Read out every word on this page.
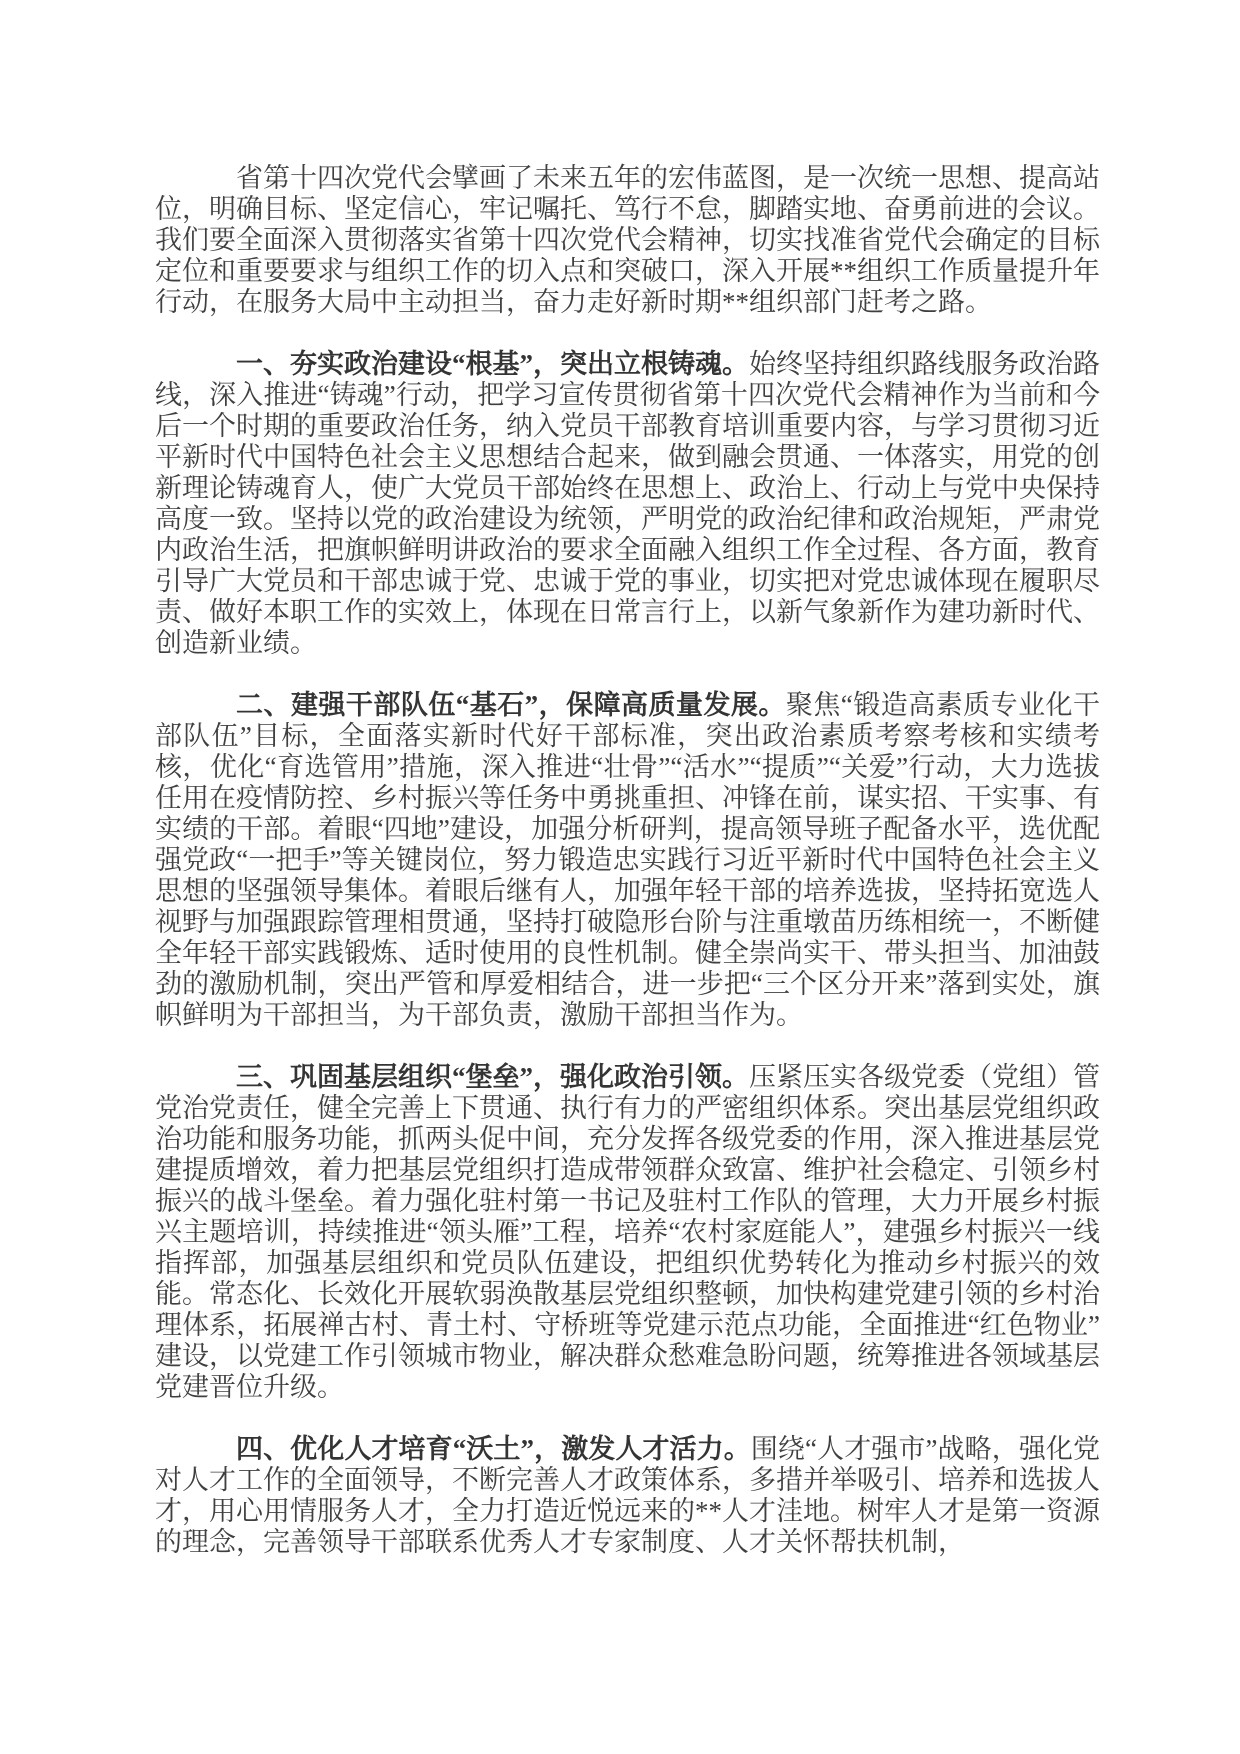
省第十四次党代会擘画了未来五年的宏伟蓝图，是一次统一思想、提高站位，明确目标、坚定信心，牢记嘱托、笃行不怠，脚踏实地、奋勇前进的会议。我们要全面深入贯彻落实省第十四次党代会精神，切实找准省党代会确定的目标定位和重要要求与组织工作的切入点和突破口，深入开展**组织工作质量提升年行动，在服务大局中主动担当，奋力走好新时期**组织部门赶考之路。

一、夯实政治建设“根基”，突出立根铸魂。始终坚持组织路线服务政治路线，深入推进“铸魂”行动，把学习宣传贯彻省第十四次党代会精神作为当前和今后一个时期的重要政治任务，纳入党员干部教育培训重要内容，与学习贯彻习近平新时代中国特色社会主义思想结合起来，做到融会贯通、一体落实，用党的创新理论铸魂育人，使广大党员干部始终在思想上、政治上、行动上与党中央保持高度一致。坚持以党的政治建设为统领，严明党的政治纪律和政治规矩，严肃党内政治生活，把旗帜鲜明讲政治的要求全面融入组织工作全过程、各方面，教育引导广大党员和干部忠诚于党、忠诚于党的事业，切实把对党忠诚体现在履职尽责、做好本职工作的实效上，体现在日常言行上，以新气象新作为建功新时代、创造新业绩。

二、建强干部队伍“基石”，保障高质量发展。聚焦“锻造高素质专业化干部队伍”目标，全面落实新时代好干部标准，突出政治素质考察考核和实绩考核，优化“育选管用”措施，深入推进“壮骨”“活水”“提质”“关爱”行动，大力选拔任用在疫情防控、乡村振兴等任务中勇挑重担、冲锋在前，谋实招、干实事、有实绩的干部。着眼“四地”建设，加强分析研判，提高领导班子配备水平，选优配强党政“一把手”等关键岗位，努力锻造忠实践行习近平新时代中国特色社会主义思想的坚强领导集体。着眼后继有人，加强年轻干部的培养选拔，坚持拓宽选人视野与加强跟踪管理相贯通，坚持打破隐形台阶与注重墩苗历练相统一，不断健全年轻干部实践锻炼、适时使用的良性机制。健全崇尚实干、带头担当、加油鼓劲的激励机制，突出严管和厚爱相结合，进一步把“三个区分开来”落到实处，旗帜鲜明为干部担当，为干部负责，激励干部担当作为。

三、巩固基层组织“堡垒”，强化政治引领。压紧压实各级党委（党组）管党治党责任，健全完善上下贯通、执行有力的严密组织体系。突出基层党组织政治功能和服务功能，抓两头促中间，充分发挥各级党委的作用，深入推进基层党建提质增效，着力把基层党组织打造成带领群众致富、维护社会稳定、引领乡村振兴的战斗堡垒。着力强化驻村第一书记及驻村工作队的管理，大力开展乡村振兴主题培训，持续推进“领头雁”工程，培养“农村家庭能人”，建强乡村振兴一线指挥部，加强基层组织和党员队伍建设，把组织优势转化为推动乡村振兴的效能。常态化、长效化开展软弱涣散基层党组织整顿，加快构建党建引领的乡村治理体系，拓展禅古村、青土村、守桥班等党建示范点功能，全面推进“红色物业”建设，以党建工作引领城市物业，解决群众愁难急盼问题，统筹推进各领域基层党建晋位升级。

四、优化人才培育“沃土”，激发人才活力。围绕“人才强市”战略，强化党对人才工作的全面领导，不断完善人才政策体系，多措并举吸引、培养和选拔人才，用心用情服务人才，全力打造近悦远来的**人才洼地。树牢人才是第一资源的理念，完善领导干部联系优秀人才专家制度、人才关怀帮扶机制，
